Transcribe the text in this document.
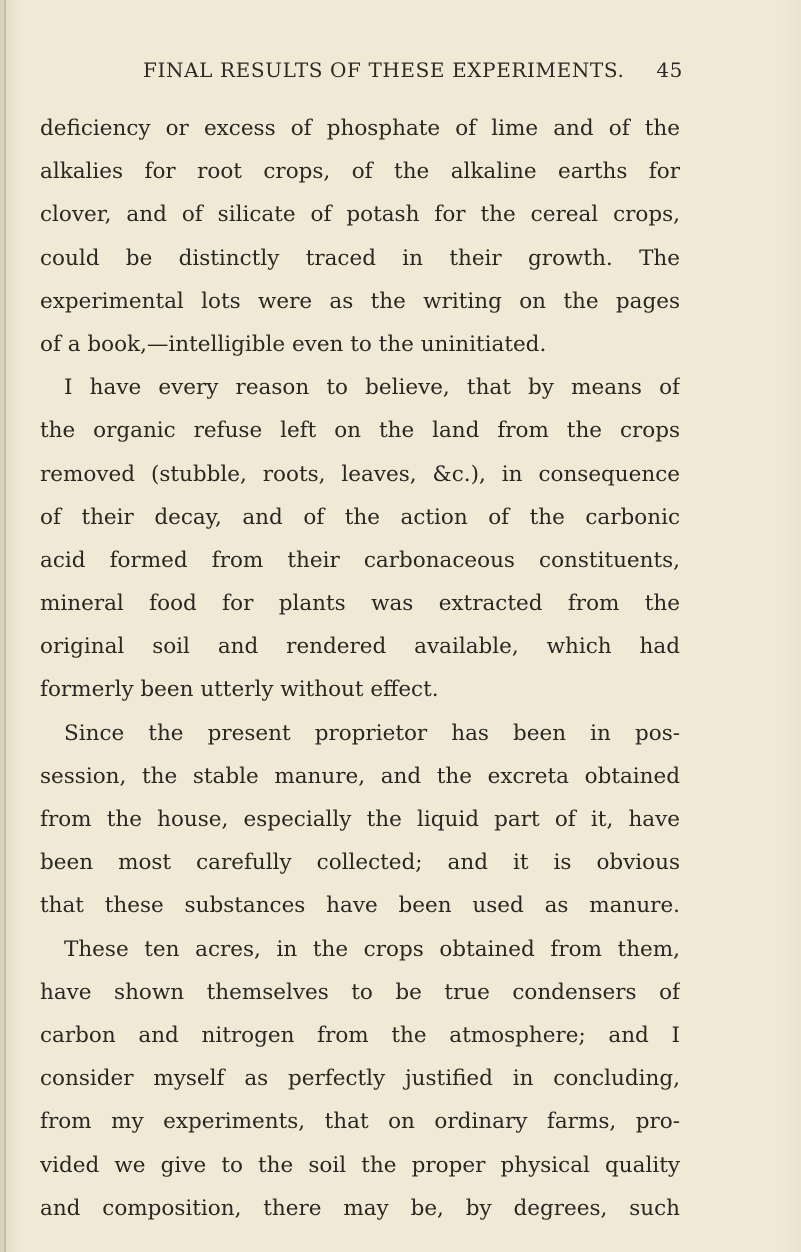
FINAL RESULTS OF THESE EXPERIMENTS. 45
deficiency or excess of phosphate of lime and of the
alkalies for root crops, of the alkaline earths for
clover, and of silicate of potash for the cereal crops,
could be distinctly traced in their growth. The
experimental lots were as the writing on the pages
of a book,—intelligible even to the uninitiated.
I have every reason to believe, that by means of
the organic refuse left on the land from the crops
removed (stubble, roots, leaves, &c.), in consequence
of their decay, and of the action of the carbonic
acid formed from their carbonaceous constituents,
mineral food for plants was extracted from the
original soil and rendered available, which had
formerly been utterly without effect.
Since the present proprietor has been in pos-
session, the stable manure, and the excreta obtained
from the house, especially the liquid part of it, have
been most carefully collected; and it is obvious
that these substances have been used as manure.
These ten acres, in the crops obtained from them,
have shown themselves to be true condensers of
carbon and nitrogen from the atmosphere; and I
consider myself as perfectly justified in concluding,
from my experiments, that on ordinary farms, pro-
vided we give to the soil the proper physical quality
and composition, there may be, by degrees, such
